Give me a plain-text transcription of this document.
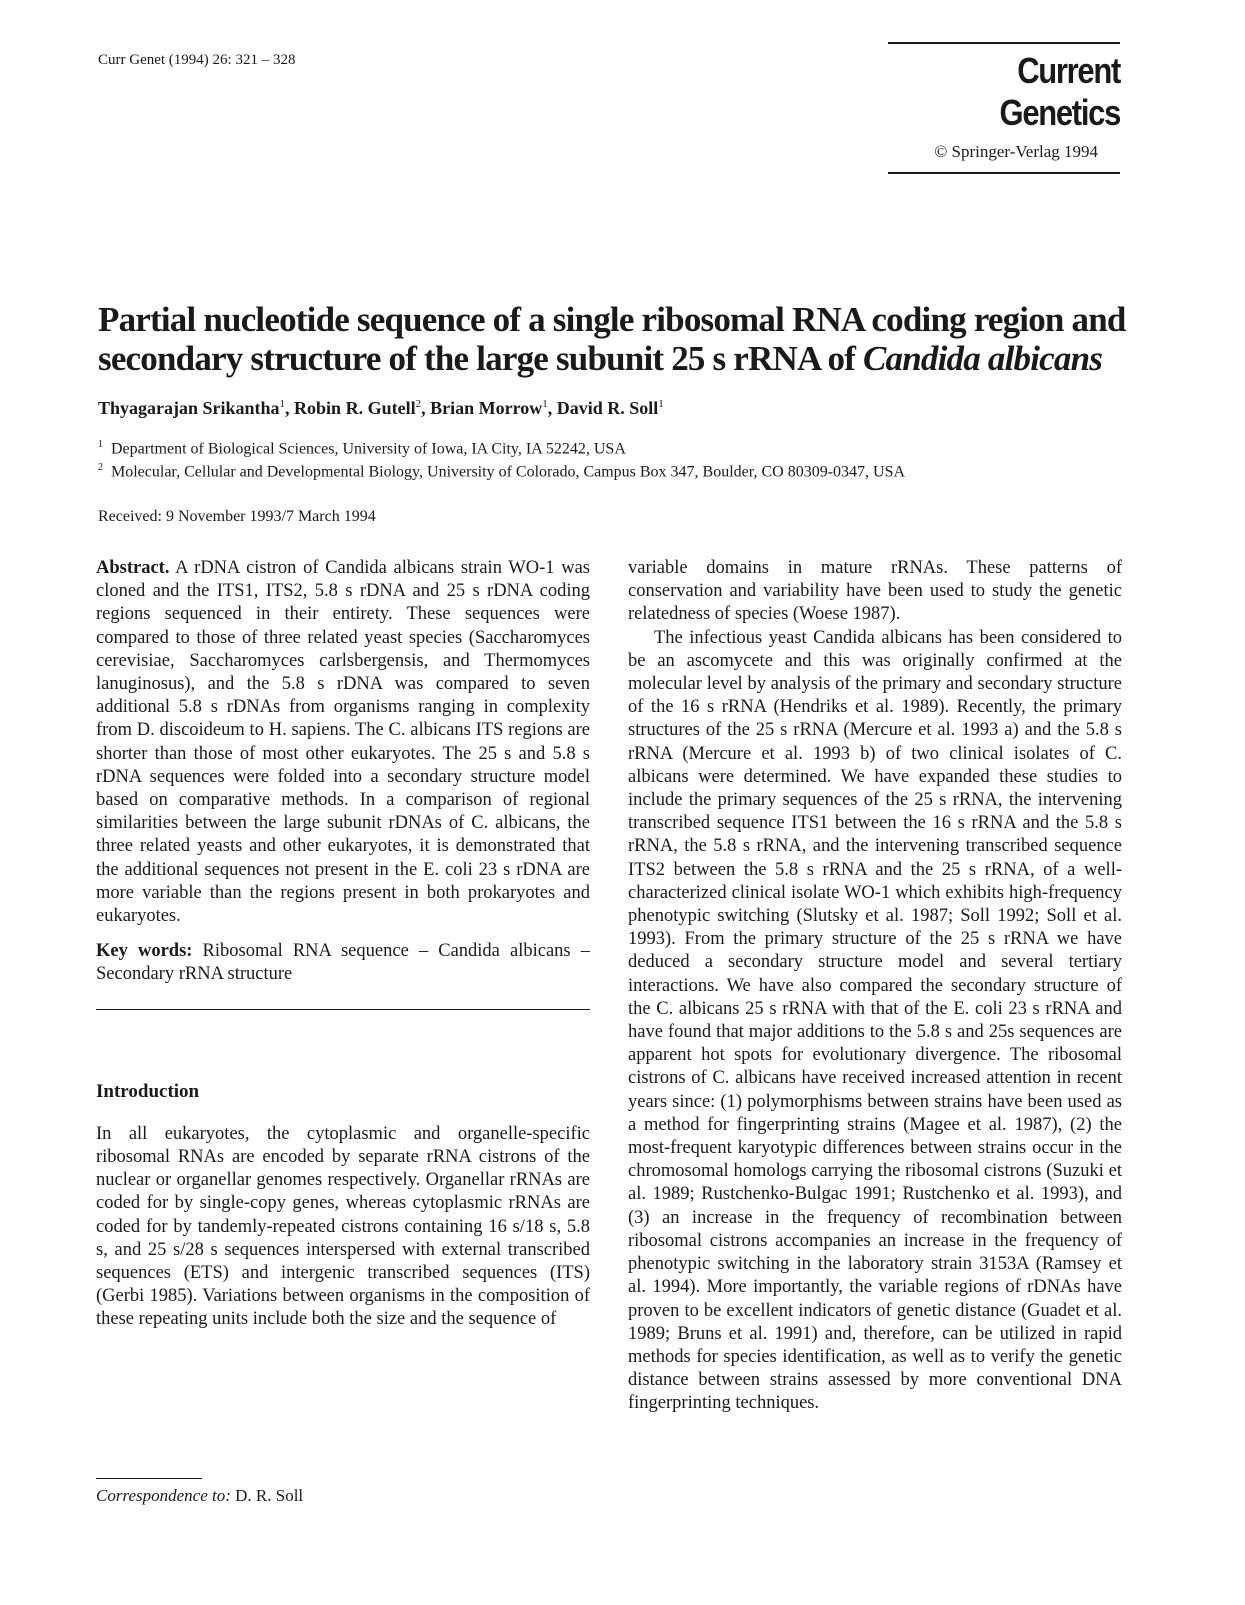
Curr Genet (1994) 26: 321 – 328	Current Genetics
© Springer-Verlag 1994
Partial nucleotide sequence of a single ribosomal RNA coding region and secondary structure of the large subunit 25 s rRNA of Candida albicans
Thyagarajan Srikantha$^1$, Robin R. Gutell$^2$, Brian Morrow$^1$, David R. Soll$^1$
$^1$ Department of Biological Sciences, University of Iowa, IA City, IA 52242, USA
$^2$ Molecular, Cellular and Developmental Biology, University of Colorado, Campus Box 347, Boulder, CO 80309-0347, USA
Received: 9 November 1993/7 March 1994

Abstract. A rDNA cistron of Candida albicans strain WO-1 was cloned and the ITS1, ITS2, 5.8 s rDNA and 25 s rDNA coding regions sequenced in their entirety. These sequences were compared to those of three related yeast species (Saccharomyces cerevisiae, Saccharomyces carlsbergensis, and Thermomyces lanuginosus), and the 5.8 s rDNA was compared to seven additional 5.8 s rDNAs from organisms ranging in complexity from D. discoideum to H. sapiens. The C. albicans ITS regions are shorter than those of most other eukaryotes. The 25 s and 5.8 s rDNA sequences were folded into a secondary structure model based on comparative methods. In a comparison of regional similarities between the large subunit rDNAs of C. albicans, the three related yeasts and other eukaryotes, it is demonstrated that the additional sequences not present in the E. coli 23 s rDNA are more variable than the regions present in both prokaryotes and eukaryotes.

Key words: Ribosomal RNA sequence – Candida albicans – Secondary rRNA structure

Introduction

In all eukaryotes, the cytoplasmic and organelle-specific ribosomal RNAs are encoded by separate rRNA cistrons of the nuclear or organellar genomes respectively. Organellar rRNAs are coded for by single-copy genes, whereas cytoplasmic rRNAs are coded for by tandemly-repeated cistrons containing 16 s/18 s, 5.8 s, and 25 s/28 s sequences interspersed with external transcribed sequences (ETS) and intergenic transcribed sequences (ITS) (Gerbi 1985). Variations between organisms in the composition of these repeating units include both the size and the sequence of

variable domains in mature rRNAs. These patterns of conservation and variability have been used to study the genetic relatedness of species (Woese 1987).

The infectious yeast Candida albicans has been considered to be an ascomycete and this was originally confirmed at the molecular level by analysis of the primary and secondary structure of the 16 s rRNA (Hendriks et al. 1989). Recently, the primary structures of the 25 s rRNA (Mercure et al. 1993 a) and the 5.8 s rRNA (Mercure et al. 1993 b) of two clinical isolates of C. albicans were determined. We have expanded these studies to include the primary sequences of the 25 s rRNA, the intervening transcribed sequence ITS1 between the 16 s rRNA and the 5.8 s rRNA, the 5.8 s rRNA, and the intervening transcribed sequence ITS2 between the 5.8 s rRNA and the 25 s rRNA, of a well-characterized clinical isolate WO-1 which exhibits high-frequency phenotypic switching (Slutsky et al. 1987; Soll 1992; Soll et al. 1993). From the primary structure of the 25 s rRNA we have deduced a secondary structure model and several tertiary interactions. We have also compared the secondary structure of the C. albicans 25 s rRNA with that of the E. coli 23 s rRNA and have found that major additions to the 5.8 s and 25s sequences are apparent hot spots for evolutionary divergence. The ribosomal cistrons of C. albicans have received increased attention in recent years since: (1) polymorphisms between strains have been used as a method for fingerprinting strains (Magee et al. 1987), (2) the most-frequent karyotypic differences between strains occur in the chromosomal homologs carrying the ribosomal cistrons (Suzuki et al. 1989; Rustchenko-Bulgac 1991; Rustchenko et al. 1993), and (3) an increase in the frequency of recombination between ribosomal cistrons accompanies an increase in the frequency of phenotypic switching in the laboratory strain 3153A (Ramsey et al. 1994). More importantly, the variable regions of rDNAs have proven to be excellent indicators of genetic distance (Guadet et al. 1989; Bruns et al. 1991) and, therefore, can be utilized in rapid methods for species identification, as well as to verify the genetic distance between strains assessed by more conventional DNA fingerprinting techniques.

Correspondence to: D. R. Soll
